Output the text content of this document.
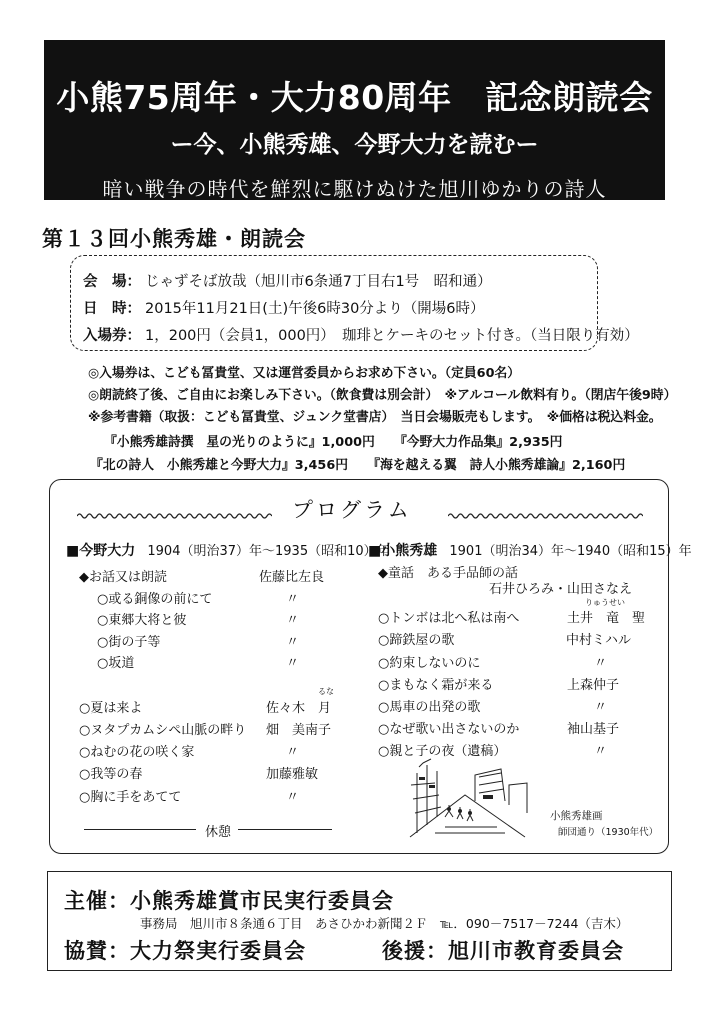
小熊75周年・大力80周年　記念朗読会
ー今、小熊秀雄、今野大力を読むー
暗い戦争の時代を鮮烈に駆けぬけた旭川ゆかりの詩人
第１３回小熊秀雄・朗読会
会　場： じゃずそば放哉（旭川市6条通7丁目右1号　昭和通）
日　時： 2015年11月21日(土)午後6時30分より（開場6時）
入場券： 1，200円（会員1，000円）　珈琲とケーキのセット付き。（当日限り有効）
◎入場券は、こども冨貴堂、又は運営委員からお求め下さい。（定員60名）
◎朗読終了後、ご自由にお楽しみ下さい。（飲食費は別会計）　※アルコール飲料有り。（閉店午後9時）
※参考書籍（取扱：こども冨貴堂、ジュンク堂書店）　当日会場販売もします。　※価格は税込料金。
『小熊秀雄詩撰　星の光りのように』1,000円　　『今野大力作品集』2,935円
『北の詩人　小熊秀雄と今野大力』3,456円　　『海を越える翼　詩人小熊秀雄論』2,160円
プログラム
■今野大力 1904（明治37）年～1935（昭和10）年
◆お話又は朗読	佐藤比左良
○或る銅像の前にて	〃
○東郷大将と彼	〃
○街の子等	〃
○坂道	〃
るな
○夏は来よ	佐々木　月
○ヌタプカムシペ山脈の畔り 畑　美南子
○ねむの花の咲く家	〃
○我等の春	加藤雅敏
○胸に手をあてて	〃
休憩
■小熊秀雄 1901（明治34）年～1940（昭和15）年
◆童話　ある手品師の話
石井ひろみ・山田さなえ
りゅうせい
○トンボは北へ私は南へ	土井　竜　聖
○蹄鉄屋の歌	中村ミハル
○約束しないのに	〃
○まもなく霜が来る	上森仲子
○馬車の出発の歌	〃
○なぜ歌い出さないのか	袖山基子
○親と子の夜（遺稿）	〃
小熊秀雄画
師団通り（1930年代）
主催：小熊秀雄賞市民実行委員会
事務局　旭川市８条通６丁目　あさひかわ新聞２Ｆ　℡．090－7517－7244（吉木）
協賛：大力祭実行委員会	後援：旭川市教育委員会
